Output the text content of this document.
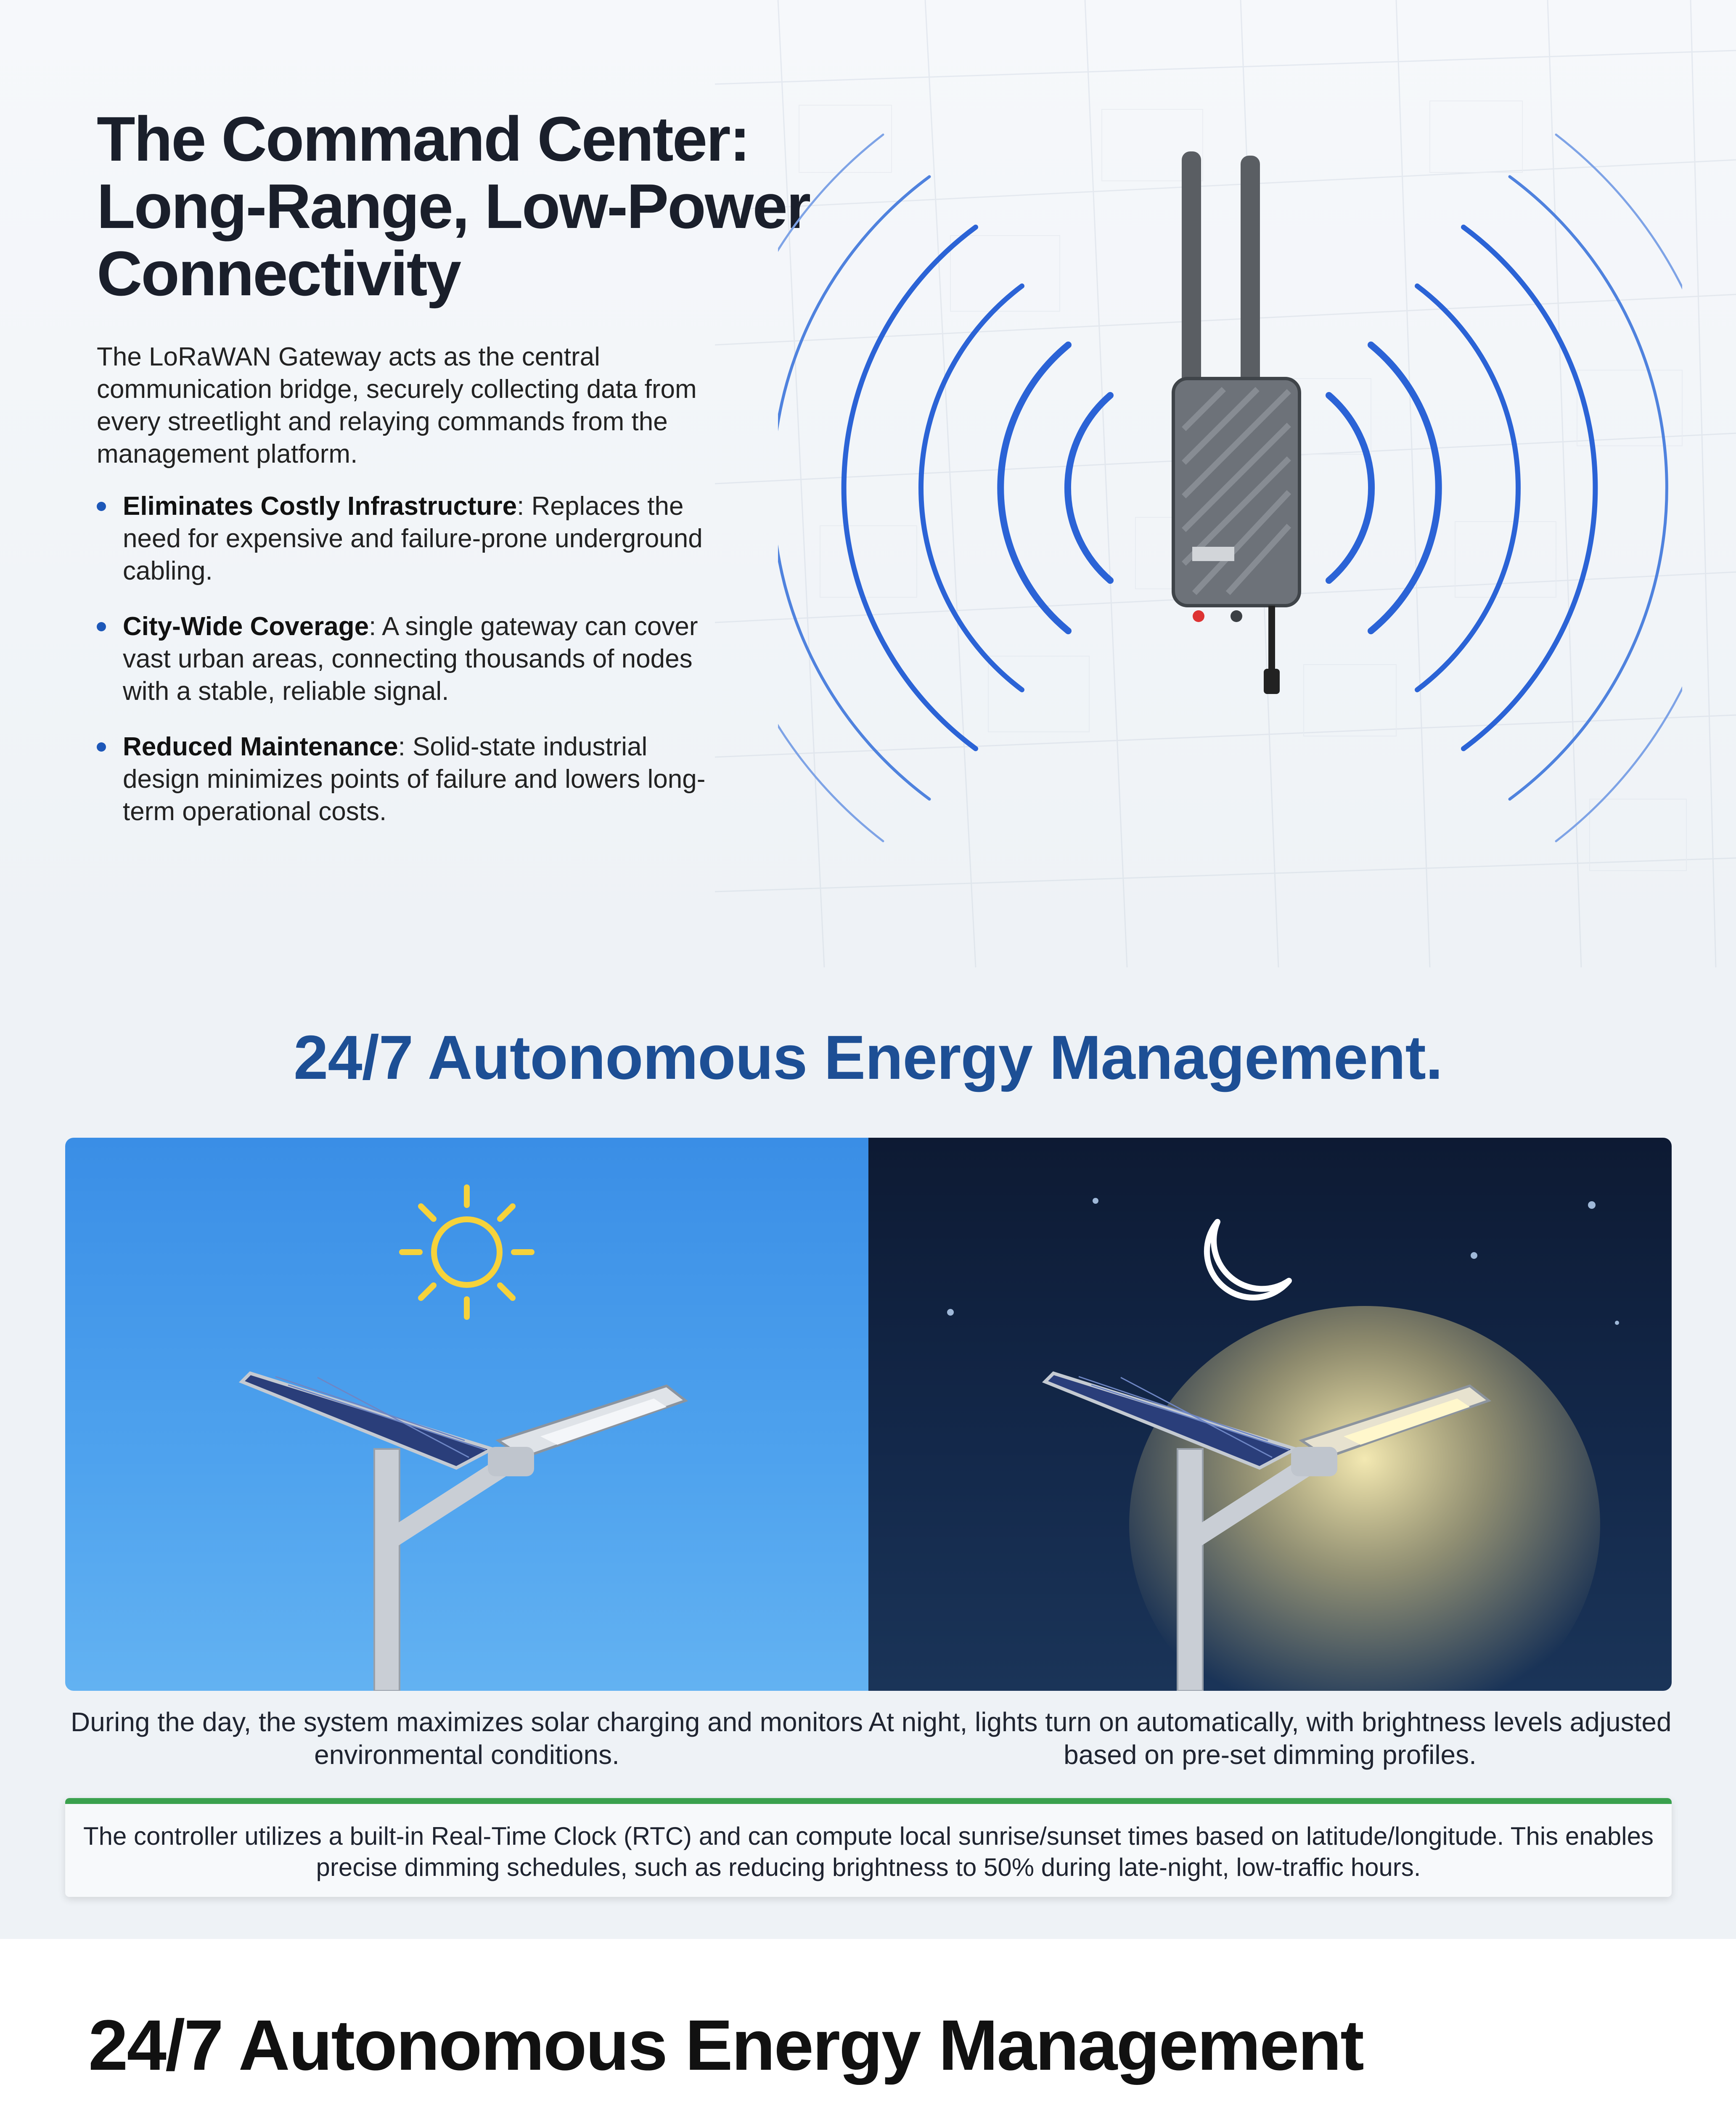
The Command Center:
Long-Range, Low-Power
Connectivity
The LoRaWAN Gateway acts as the central communication bridge, securely collecting data from every streetlight and relaying commands from the management platform.
Eliminates Costly Infrastructure: Replaces the need for expensive and failure-prone underground cabling.
City-Wide Coverage: A single gateway can cover vast urban areas, connecting thousands of nodes with a stable, reliable signal.
Reduced Maintenance: Solid-state industrial design minimizes points of failure and lowers long-term operational costs.
24/7 Autonomous Energy Management.
During the day, the system maximizes solar charging and monitors environmental conditions.
At night, lights turn on automatically, with brightness levels adjusted based on pre-set dimming profiles.
The controller utilizes a built-in Real-Time Clock (RTC) and can compute local sunrise/sunset times based on latitude/longitude. This enables precise dimming schedules, such as reducing brightness to 50% during late-night, low-traffic hours.
24/7 Autonomous Energy Management
